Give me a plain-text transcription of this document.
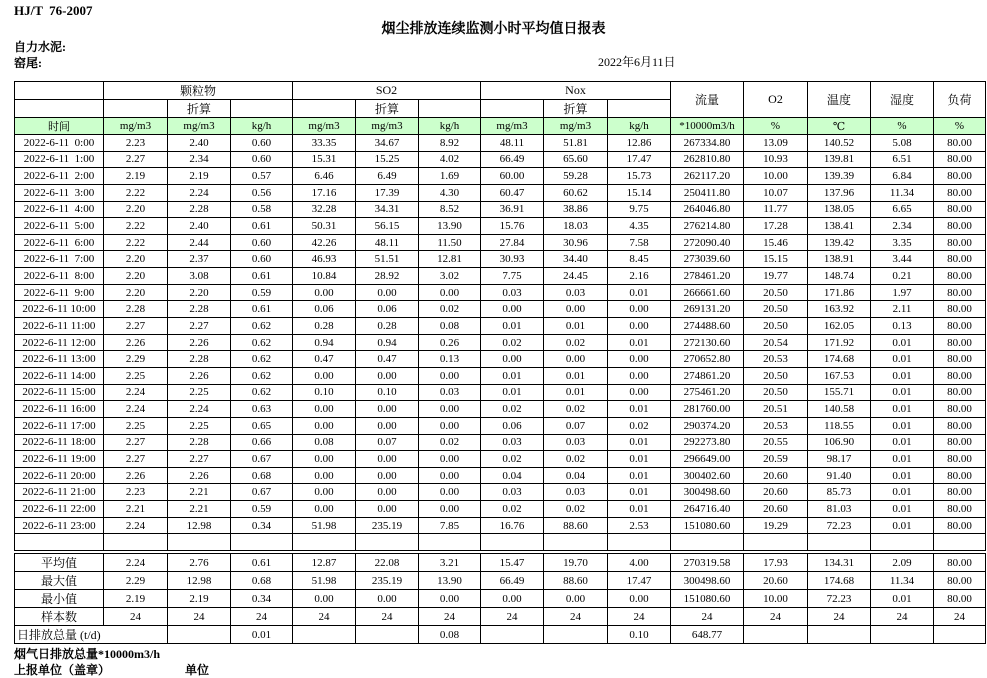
HJ/T  76-2007
烟尘排放连续监测小时平均值日报表
自力水泥:
窑尾:	2022年6月11日
	颗粒物			SO2			Nox			流量	O2	温度	湿度	负荷
		折算			折算			折算						
时间	mg/m3	mg/m3	kg/h	mg/m3	mg/m3	kg/h	mg/m3	mg/m3	kg/h	*10000m3/h	%	℃	%	%
2022-6-11  0:00	2.23	2.40	0.60	33.35	34.67	8.92	48.11	51.81	12.86	267334.80	13.09	140.52	5.08	80.00
2022-6-11  1:00	2.27	2.34	0.60	15.31	15.25	4.02	66.49	65.60	17.47	262810.80	10.93	139.81	6.51	80.00
2022-6-11  2:00	2.19	2.19	0.57	6.46	6.49	1.69	60.00	59.28	15.73	262117.20	10.00	139.39	6.84	80.00
2022-6-11  3:00	2.22	2.24	0.56	17.16	17.39	4.30	60.47	60.62	15.14	250411.80	10.07	137.96	11.34	80.00
2022-6-11  4:00	2.20	2.28	0.58	32.28	34.31	8.52	36.91	38.86	9.75	264046.80	11.77	138.05	6.65	80.00
2022-6-11  5:00	2.22	2.40	0.61	50.31	56.15	13.90	15.76	18.03	4.35	276214.80	17.28	138.41	2.34	80.00
2022-6-11  6:00	2.22	2.44	0.60	42.26	48.11	11.50	27.84	30.96	7.58	272090.40	15.46	139.42	3.35	80.00
2022-6-11  7:00	2.20	2.37	0.60	46.93	51.51	12.81	30.93	34.40	8.45	273039.60	15.15	138.91	3.44	80.00
2022-6-11  8:00	2.20	3.08	0.61	10.84	28.92	3.02	7.75	24.45	2.16	278461.20	19.77	148.74	0.21	80.00
2022-6-11  9:00	2.20	2.20	0.59	0.00	0.00	0.00	0.03	0.03	0.01	266661.60	20.50	171.86	1.97	80.00
2022-6-11 10:00	2.28	2.28	0.61	0.06	0.06	0.02	0.00	0.00	0.00	269131.20	20.50	163.92	2.11	80.00
2022-6-11 11:00	2.27	2.27	0.62	0.28	0.28	0.08	0.01	0.01	0.00	274488.60	20.50	162.05	0.13	80.00
2022-6-11 12:00	2.26	2.26	0.62	0.94	0.94	0.26	0.02	0.02	0.01	272130.60	20.54	171.92	0.01	80.00
2022-6-11 13:00	2.29	2.28	0.62	0.47	0.47	0.13	0.00	0.00	0.00	270652.80	20.53	174.68	0.01	80.00
2022-6-11 14:00	2.25	2.26	0.62	0.00	0.00	0.00	0.01	0.01	0.00	274861.20	20.50	167.53	0.01	80.00
2022-6-11 15:00	2.24	2.25	0.62	0.10	0.10	0.03	0.01	0.01	0.00	275461.20	20.50	155.71	0.01	80.00
2022-6-11 16:00	2.24	2.24	0.63	0.00	0.00	0.00	0.02	0.02	0.01	281760.00	20.51	140.58	0.01	80.00
2022-6-11 17:00	2.25	2.25	0.65	0.00	0.00	0.00	0.06	0.07	0.02	290374.20	20.53	118.55	0.01	80.00
2022-6-11 18:00	2.27	2.28	0.66	0.08	0.07	0.02	0.03	0.03	0.01	292273.80	20.55	106.90	0.01	80.00
2022-6-11 19:00	2.27	2.27	0.67	0.00	0.00	0.00	0.02	0.02	0.01	296649.00	20.59	98.17	0.01	80.00
2022-6-11 20:00	2.26	2.26	0.68	0.00	0.00	0.00	0.04	0.04	0.01	300402.60	20.60	91.40	0.01	80.00
2022-6-11 21:00	2.23	2.21	0.67	0.00	0.00	0.00	0.03	0.03	0.01	300498.60	20.60	85.73	0.01	80.00
2022-6-11 22:00	2.21	2.21	0.59	0.00	0.00	0.00	0.02	0.02	0.01	264716.40	20.60	81.03	0.01	80.00
2022-6-11 23:00	2.24	12.98	0.34	51.98	235.19	7.85	16.76	88.60	2.53	151080.60	19.29	72.23	0.01	80.00

平均值	2.24	2.76	0.61	12.87	22.08	3.21	15.47	19.70	4.00	270319.58	17.93	134.31	2.09	80.00
最大值	2.29	12.98	0.68	51.98	235.19	13.90	66.49	88.60	17.47	300498.60	20.60	174.68	11.34	80.00
最小值	2.19	2.19	0.34	0.00	0.00	0.00	0.00	0.00	0.00	151080.60	10.00	72.23	0.01	80.00
样本数	24	24	24	24	24	24	24	24	24	24	24	24	24	24
日排放总量 (t/d)			0.01			0.08			0.10	648.77				
烟气日排放总量*10000m3/h
上报单位（盖章）	单位
